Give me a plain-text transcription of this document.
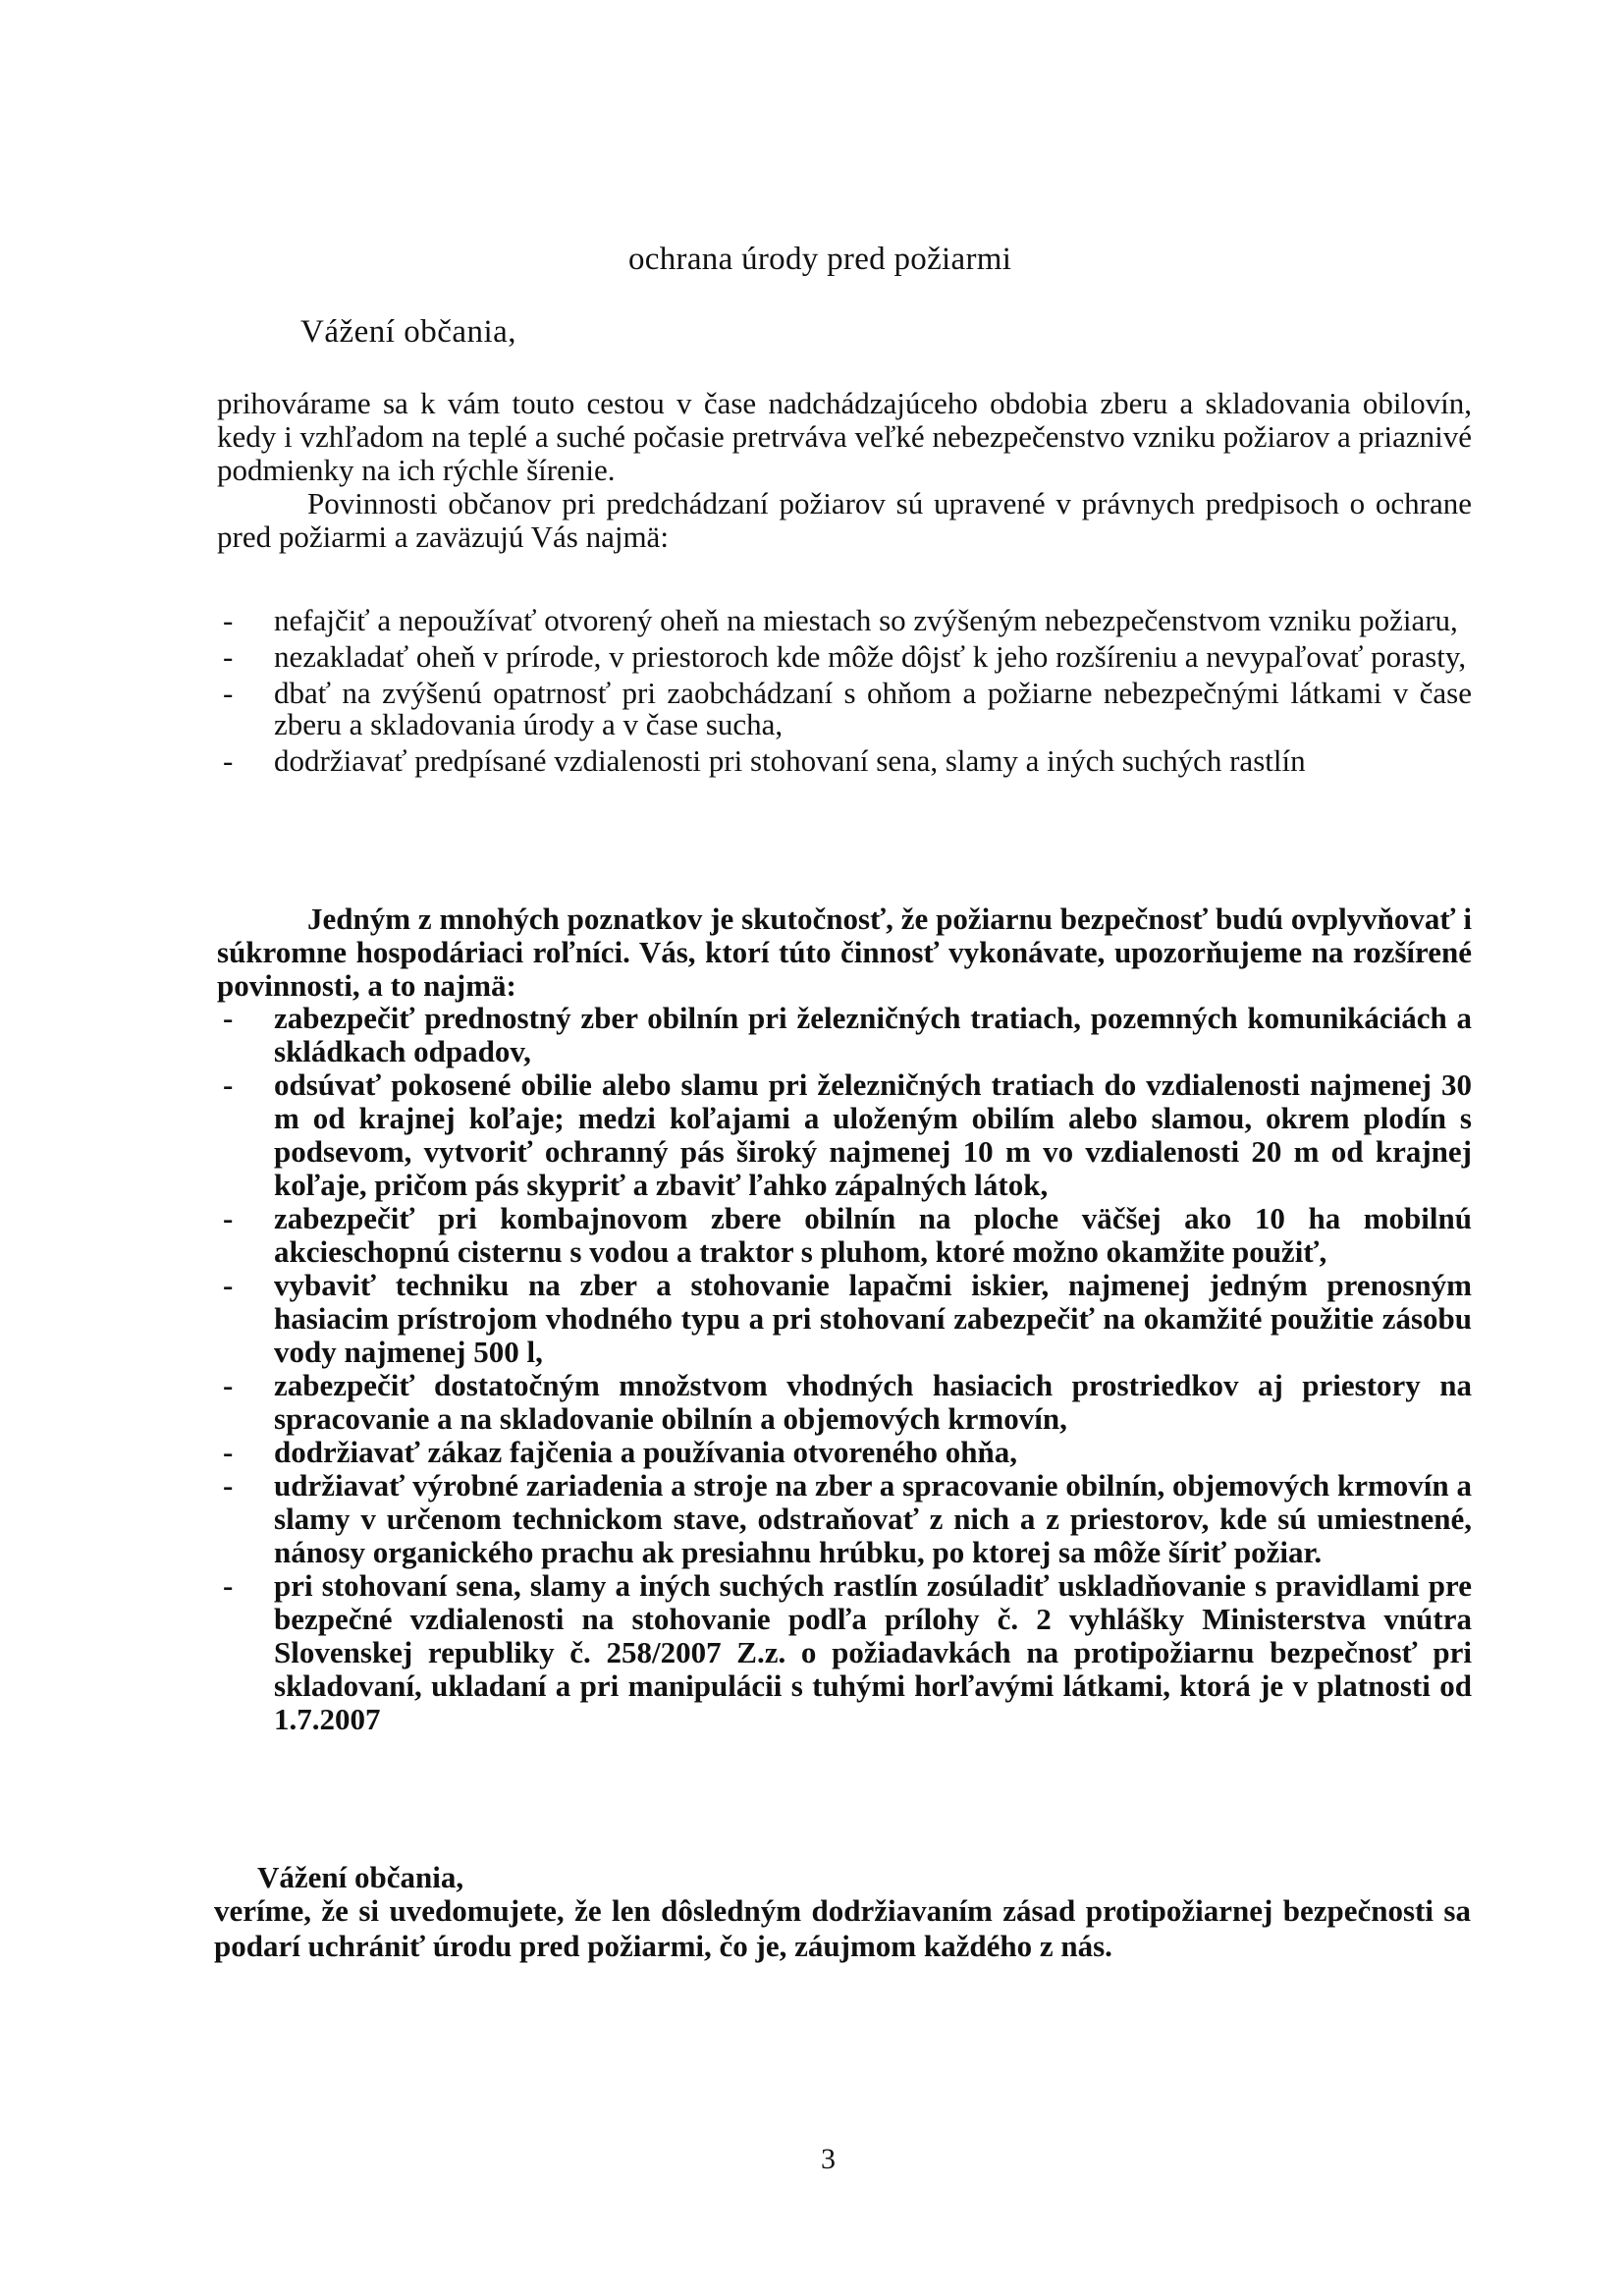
ochrana úrody pred požiarmi
Vážení občania,

prihovárame sa k vám touto cestou v čase nadchádzajúceho obdobia zberu a skladovania obilovín, kedy i vzhľadom na teplé a suché počasie pretrváva veľké nebezpečenstvo vzniku požiarov a priaznivé podmienky na ich rýchle šírenie.

Povinnosti občanov pri predchádzaní požiarov sú upravené v právnych predpisoch o ochrane pred požiarmi a zaväzujú Vás najmä:

- nefajčiť a nepoužívať otvorený oheň na miestach so zvýšeným nebezpečenstvom vzniku požiaru,
- nezakladať oheň v prírode, v priestoroch kde môže dôjsť k jeho rozšíreniu a nevypaľovať porasty,
- dbať na zvýšenú opatrnosť pri zaobchádzaní s ohňom a požiarne nebezpečnými látkami v čase zberu a skladovania úrody a v čase sucha,
- dodržiavať predpísané vzdialenosti pri stohovaní sena, slamy a iných suchých rastlín

Jedným z mnohých poznatkov je skutočnosť, že požiarnu bezpečnosť budú ovplyvňovať i súkromne hospodáriaci roľníci. Vás, ktorí túto činnosť vykonávate, upozorňujeme na rozšírené povinnosti, a to najmä:

- zabezpečiť prednostný zber obilnín pri železničných tratiach, pozemných komunikáciách a skládkach odpadov,
- odsúvať pokosené obilie alebo slamu pri železničných tratiach do vzdialenosti najmenej 30 m od krajnej koľaje; medzi koľajami a uloženým obilím alebo slamou, okrem plodín s podsevom, vytvoriť ochranný pás široký najmenej 10 m vo vzdialenosti 20 m od krajnej koľaje, pričom pás skypriť a zbaviť ľahko zápalných látok,
- zabezpečiť pri kombajnovom zbere obilnín na ploche väčšej ako 10 ha mobilnú akcieschopnú cisternu s vodou a traktor s pluhom, ktoré možno okamžite použiť,
- vybaviť techniku na zber a stohovanie lapačmi iskier, najmenej jedným prenosným hasiacim prístrojom vhodného typu a pri stohovaní zabezpečiť na okamžité použitie zásobu vody najmenej 500 l,
- zabezpečiť dostatočným množstvom vhodných hasiacich prostriedkov aj priestory na spracovanie a na skladovanie obilnín a objemových krmovín,
- dodržiavať zákaz fajčenia a používania otvoreného ohňa,
- udržiavať výrobné zariadenia a stroje na zber a spracovanie obilnín, objemových krmovín a slamy v určenom technickom stave, odstraňovať z nich a z priestorov, kde sú umiestnené, nánosy organického prachu ak presiahnu hrúbku, po ktorej sa môže šíriť požiar.
- pri stohovaní sena, slamy a iných suchých rastlín zosúladiť uskladňovanie s pravidlami pre bezpečné vzdialenosti na stohovanie podľa prílohy č. 2 vyhlášky Ministerstva vnútra Slovenskej republiky č. 258/2007 Z.z. o požiadavkách na protipožiarnu bezpečnosť pri skladovaní, ukladaní a pri manipulácii s tuhými horľavými látkami, ktorá je v platnosti od 1.7.2007
Vážení občania,
veríme, že si uvedomujete, že len dôsledným dodržiavaním zásad protipožiarnej bezpečnosti sa podarí uchrániť úrodu pred požiarmi, čo je, záujmom každého z nás.
3
